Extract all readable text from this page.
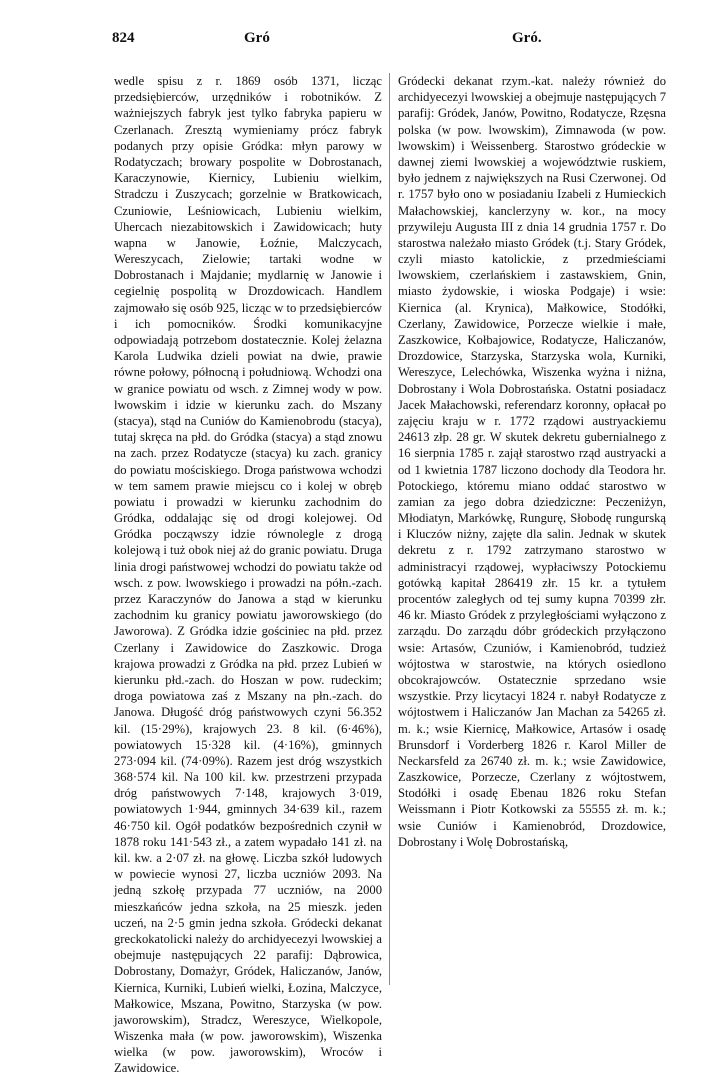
824	Gró	Gró.

wedle spisu z r. 1869 osób 1371, licząc przedsiębierców, urzędników i robotników. Z ważniejszych fabryk jest tylko fabryka papieru w Czerlanach. Zresztą wymieniamy prócz fabryk podanych przy opisie Gródka: młyn parowy w Rodatyczach; browary pospolite w Dobrostanach, Karaczynowie, Kiernicy, Lubieniu wielkim, Stradczu i Zuszycach; gorzelnie w Bratkowicach, Czuniowie, Leśniowicach, Lubieniu wielkim, Uhercach niezabitowskich i Zawidowicach; huty wapna w Janowie, Łoźnie, Malczycach, Wereszycach, Zielowie; tartaki wodne w Dobrostanach i Majdanie; mydlarnię w Janowie i cegielnię pospolitą w Drozdowicach. Handlem zajmowało się osób 925, licząc w to przedsiębierców i ich pomocników. Środki komunikacyjne odpowiadają potrzebom dostatecznie. Kolej żelazna Karola Ludwika dzieli powiat na dwie, prawie równe połowy, północną i południową. Wchodzi ona w granice powiatu od wsch. z Zimnej wody w pow. lwowskim i idzie w kierunku zach. do Mszany (stacya), stąd na Cuniów do Kamienobrodu (stacya), tutaj skręca na płd. do Gródka (stacya) a stąd znowu na zach. przez Rodatycze (stacya) ku zach. granicy do powiatu mościskiego. Droga państwowa wchodzi w tem samem prawie miejscu co i kolej w obręb powiatu i prowadzi w kierunku zachodnim do Gródka, oddalając się od drogi kolejowej. Od Gródka począwszy idzie równolegle z drogą kolejową i tuż obok niej aż do granic powiatu. Druga linia drogi państwowej wchodzi do powiatu także od wsch. z pow. lwowskiego i prowadzi na półn.-zach. przez Karaczynów do Janowa a stąd w kierunku zachodnim ku granicy powiatu jaworowskiego (do Jaworowa). Z Gródka idzie gościniec na płd. przez Czerlany i Zawidowice do Zaszkowic. Droga krajowa prowadzi z Gródka na płd. przez Lubień w kierunku płd.-zach. do Hoszan w pow. rudeckim; droga powiatowa zaś z Mszany na płn.-zach. do Janowa. Długość dróg państwowych czyni 56.352 kil. (15·29%), krajowych 23. 8 kil. (6·46%), powiatowych 15·328 kil. (4·16%), gminnych 273·094 kil. (74·09%). Razem jest dróg wszystkich 368·574 kil. Na 100 kil. kw. przestrzeni przypada dróg państwowych 7·148, krajowych 3·019, powiatowych 1·944, gminnych 34·639 kil., razem 46·750 kil. Ogół podatków bezpośrednich czynił w 1878 roku 141·543 zł., a zatem wypadało 141 zł. na kil. kw. a 2·07 zł. na głowę. Liczba szkół ludowych w powiecie wynosi 27, liczba uczniów 2093. Na jedną szkołę przypada 77 uczniów, na 2000 mieszkańców jedna szkoła, na 25 mieszk. jeden uczeń, na 2·5 gmin jedna szkoła. Gródecki dekanat greckokatolicki należy do archidyecezyi lwowskiej a obejmuje następujących 22 parafij: Dąbrowica, Dobrostany, Domażyr, Gródek, Haliczanów, Janów, Kiernica, Kurniki, Lubień wielki, Łozina, Malczyce, Małkowice, Mszana, Powitno, Starzyska (w pow. jaworowskim), Stradcz, Wereszyce, Wielkopole, Wiszenka mała (w pow. jaworowskim), Wiszenka wielka (w pow. jaworowskim), Wroców i Zawidowice.

Gródecki dekanat rzym.-kat. należy również do archidyecezyi lwowskiej a obejmuje następujących 7 parafij: Gródek, Janów, Powitno, Rodatycze, Rzęsna polska (w pow. lwowskim), Zimnawoda (w pow. lwowskim) i Weissenberg. Starostwo gródeckie w dawnej ziemi lwowskiej a województwie ruskiem, było jednem z największych na Rusi Czerwonej. Od r. 1757 było ono w posiadaniu Izabeli z Humieckich Małachowskiej, kanclerzyny w. kor., na mocy przywileju Augusta III z dnia 14 grudnia 1757 r. Do starostwa należało miasto Gródek (t.j. Stary Gródek, czyli miasto katolickie, z przedmieściami lwowskiem, czerlańskiem i zastawskiem, Gnin, miasto żydowskie, i wioska Podgaje) i wsie: Kiernica (al. Krynica), Małkowice, Stodółki, Czerlany, Zawidowice, Porzecze wielkie i małe, Zaszkowice, Kołbajowice, Rodatycze, Haliczanów, Drozdowice, Starzyska, Starzyska wola, Kurniki, Wereszyce, Lelechówka, Wiszenka wyżna i niżna, Dobrostany i Wola Dobrostańska. Ostatni posiadacz Jacek Małachowski, referendarz koronny, opłacał po zajęciu kraju w r. 1772 rządowi austryackiemu 24613 złp. 28 gr. W skutek dekretu gubernialnego z 16 sierpnia 1785 r. zajął starostwo rząd austryacki a od 1 kwietnia 1787 liczono dochody dla Teodora hr. Potockiego, któremu miano oddać starostwo w zamian za jego dobra dziedziczne: Peczeniżyn, Młodiatyn, Markówkę, Rungurę, Słobodę rungurską i Kluczów niżny, zajęte dla salin. Jednak w skutek dekretu z r. 1792 zatrzymano starostwo w administracyi rządowej, wypłaciwszy Potockiemu gotówką kapitał 286419 złr. 15 kr. a tytułem procentów zaległych od tej sumy kupna 70399 złr. 46 kr. Miasto Gródek z przyległościami wyłączono z zarządu. Do zarządu dóbr gródeckich przyłączono wsie: Artasów, Czuniów, i Kamienobród, tudzież wójtostwa w starostwie, na których osiedlono obcokrajowców. Ostatecznie sprzedano wsie wszystkie. Przy licytacyi 1824 r. nabył Rodatycze z wójtostwem i Haliczanów Jan Machan za 54265 zł. m. k.; wsie Kiernicę, Małkowice, Artasów i osadę Brunsdorf i Vorderberg 1826 r. Karol Miller de Neckarsfeld za 26740 zł. m. k.; wsie Zawidowice, Zaszkowice, Porzecze, Czerlany z wójtostwem, Stodółki i osadę Ebenau 1826 roku Stefan Weissmann i Piotr Kotkowski za 55555 zł. m. k.; wsie Cuniów i Kamienobród, Drozdowice, Dobrostany i Wolę Dobrostańską,
